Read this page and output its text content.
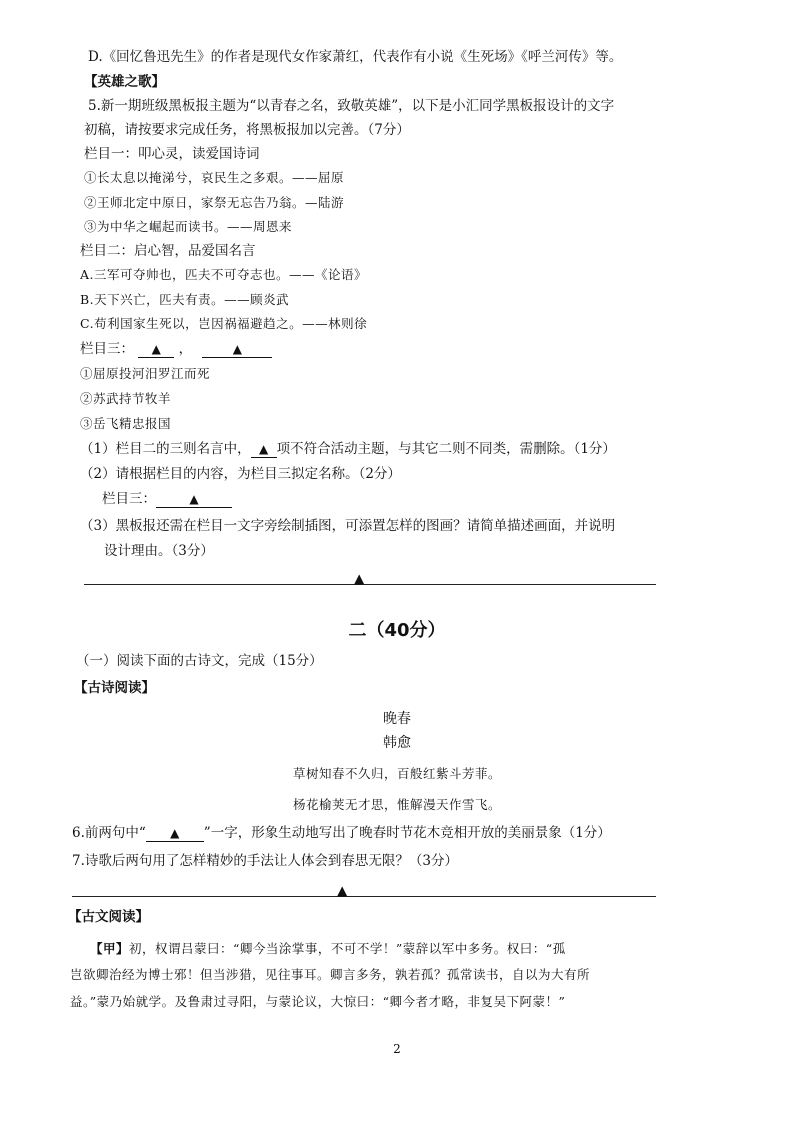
D.《回忆鲁迅先生》的作者是现代女作家萧红，代表作有小说《生死场》《呼兰河传》等。
【英雄之歌】
5.新一期班级黑板报主题为“以青春之名，致敬英雄”，以下是小汇同学黑板报设计的文字
初稿，请按要求完成任务，将黑板报加以完善。（7分）
栏目一：叩心灵，读爱国诗词
①长太息以掩涕兮，哀民生之多艰。——屈原
②王师北定中原日，家祭无忘告乃翁。—陆游
③为中华之崛起而读书。——周恩来
栏目二：启心智，品爱国名言
A.三军可夺帅也，匹夫不可夺志也。——《论语》
B.天下兴亡，匹夫有责。——顾炎武
C.苟利国家生死以，岂因祸福避趋之。——林则徐
栏目三： ▲ ，	▲
①屈原投河汨罗江而死
②苏武持节牧羊
③岳飞精忠报国
（1）栏目二的三则名言中， ▲ 项不符合活动主题，与其它二则不同类，需删除。（1分）
（2）请根据栏目的内容，为栏目三拟定名称。（2分）
栏目三：	▲
（3）黑板报还需在栏目一文字旁绘制插图，可添置怎样的图画？请简单描述画面，并说明
设计理由。（3分）
▲
二（40分）
（一）阅读下面的古诗文，完成（15分）
【古诗阅读】
晚春
韩愈
草树知春不久归，百般红紫斗芳菲。
杨花榆荚无才思，惟解漫天作雪飞。
6.前两句中“ ▲ ”一字，形象生动地写出了晚春时节花木竞相开放的美丽景象（1分）
7.诗歌后两句用了怎样精妙的手法让人体会到春思无限？（3分）
▲
【古文阅读】
【甲】初，权谓吕蒙曰：“卿今当涂掌事，不可不学！”蒙辞以军中多务。权曰：“孤
岂欲卿治经为博士邪！但当涉猎，见往事耳。卿言多务，孰若孤？孤常读书，自以为大有所
益。”蒙乃始就学。及鲁肃过寻阳，与蒙论议，大惊曰：“卿今者才略，非复吴下阿蒙！”
2
